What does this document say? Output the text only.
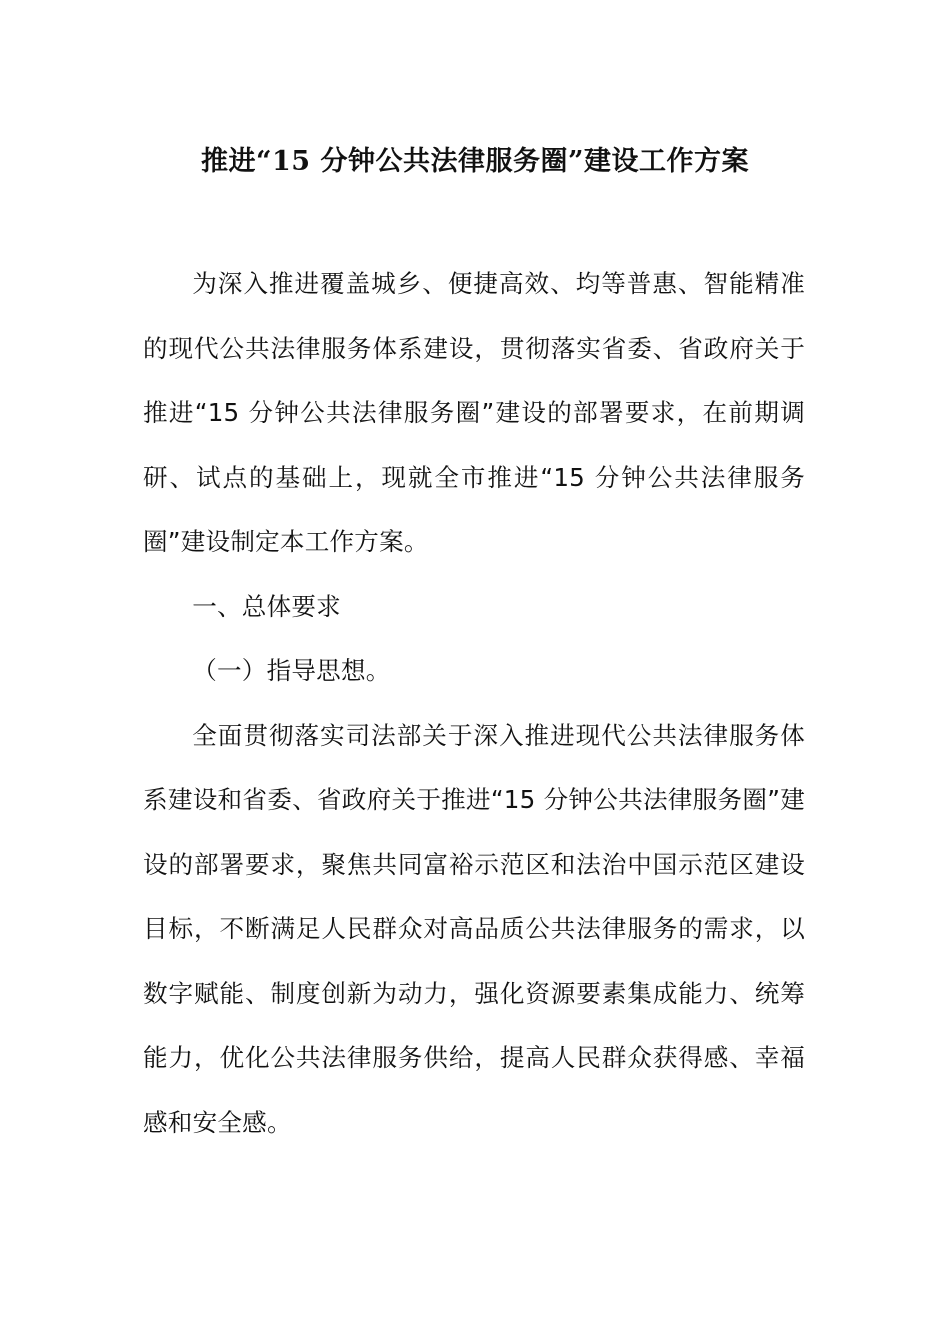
推进“15 分钟公共法律服务圈”建设工作方案

为深入推进覆盖城乡、便捷高效、均等普惠、智能精准的现代公共法律服务体系建设，贯彻落实省委、省政府关于推进“15 分钟公共法律服务圈”建设的部署要求，在前期调研、试点的基础上，现就全市推进“15 分钟公共法律服务圈”建设制定本工作方案。

一、总体要求

（一）指导思想。

全面贯彻落实司法部关于深入推进现代公共法律服务体系建设和省委、省政府关于推进“15 分钟公共法律服务圈”建设的部署要求，聚焦共同富裕示范区和法治中国示范区建设目标，不断满足人民群众对高品质公共法律服务的需求，以数字赋能、制度创新为动力，强化资源要素集成能力、统筹能力，优化公共法律服务供给，提高人民群众获得感、幸福感和安全感。
